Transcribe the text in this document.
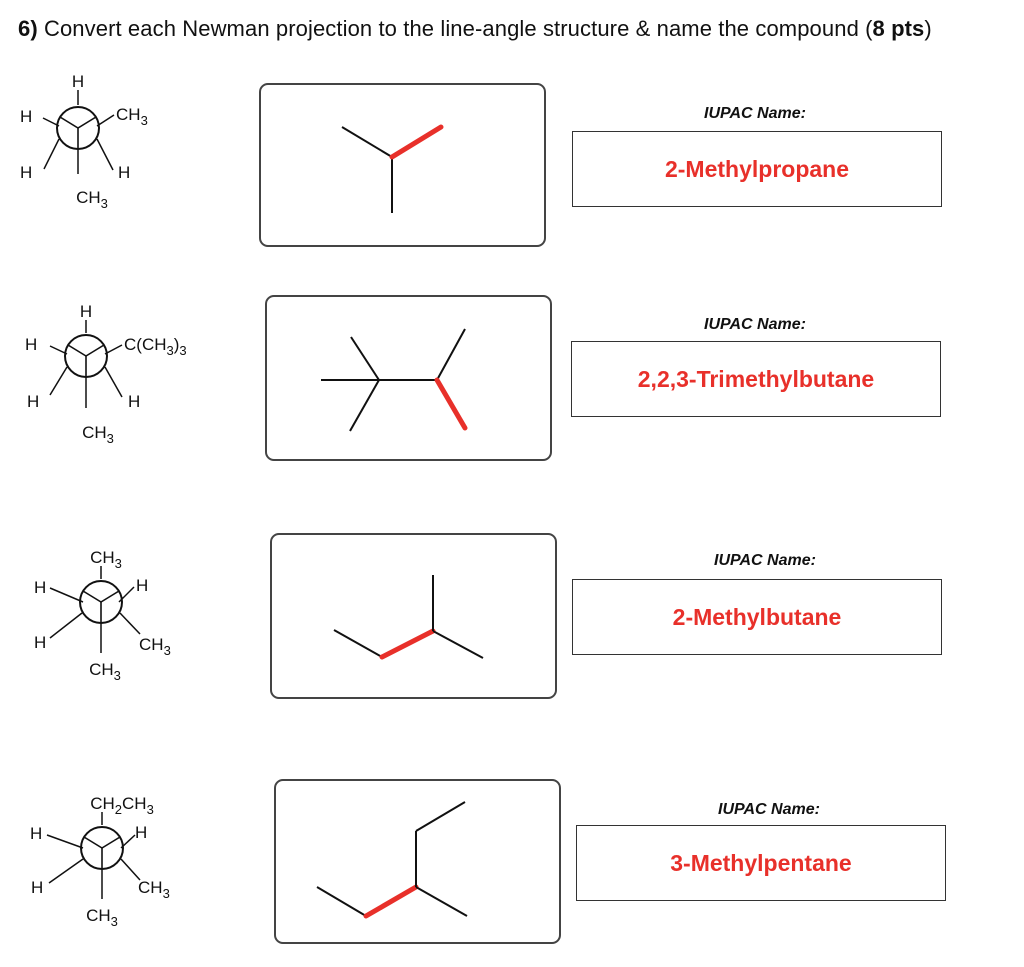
6) Convert each Newman projection to the line-angle structure & name the compound (8 pts)
H
H	$CH_3$
H	H
$CH_3$
IUPAC Name:
2-Methylpropane
H
H	$C(CH_3)_3$
H	H
$CH_3$
IUPAC Name:
2,2,3-Trimethylbutane
$CH_3$
H	H
H	$CH_3$
$CH_3$
IUPAC Name:
2-Methylbutane
$CH_2CH_3$
H	H
H	$CH_3$
$CH_3$
IUPAC Name:
3-Methylpentane
